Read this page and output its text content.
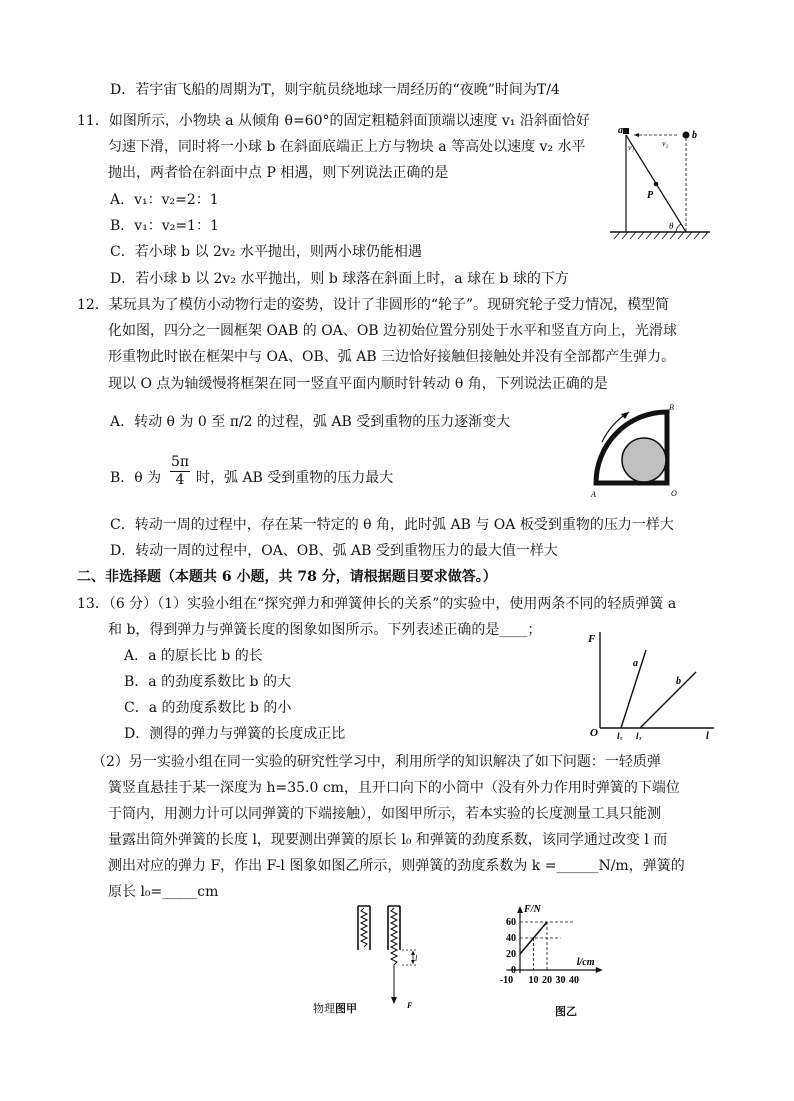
D．若宇宙飞船的周期为T，则宇航员绕地球一周经历的“夜晚”时间为T/4
11．如图所示，小物块 a 从倾角 θ=60°的固定粗糙斜面顶端以速度 v₁ 沿斜面恰好
匀速下滑，同时将一小球 b 在斜面底端正上方与物块 a 等高处以速度 v₂ 水平
抛出，两者恰在斜面中点 P 相遇，则下列说法正确的是
A．v₁：v₂=2：1
B．v₁：v₂=1：1
C．若小球 b 以 2v₂ 水平抛出，则两小球仍能相遇
D．若小球 b 以 2v₂ 水平抛出，则 b 球落在斜面上时，a 球在 b 球的下方
12．某玩具为了模仿小动物行走的姿势，设计了非圆形的“轮子”。现研究轮子受力情况，模型简
化如图，四分之一圆框架 OAB 的 OA、OB 边初始位置分别处于水平和竖直方向上，光滑球
形重物此时嵌在框架中与 OA、OB、弧 AB 三边恰好接触但接触处并没有全部都产生弹力。
现以 O 点为轴缓慢将框架在同一竖直平面内顺时针转动 θ 角，下列说法正确的是
A．转动 θ 为 0 至 π/2 的过程，弧 AB 受到重物的压力逐渐变大
B．θ 为 $\frac{5\pi}{4}$ 时，弧 AB 受到重物的压力最大
C．转动一周的过程中，存在某一特定的 θ 角，此时弧 AB 与 OA 板受到重物的压力一样大
D．转动一周的过程中，OA、OB、弧 AB 受到重物压力的最大值一样大
二、非选择题（本题共 6 小题，共 78 分，请根据题目要求做答。）
13．（6 分）（1）实验小组在“探究弹力和弹簧伸长的关系”的实验中，使用两条不同的轻质弹簧 a
和 b，得到弹力与弹簧长度的图象如图所示。下列表述正确的是____；
A．a 的原长比 b 的长
B．a 的劲度系数比 b 的大
C．a 的劲度系数比 b 的小
D．测得的弹力与弹簧的长度成正比
（2）另一实验小组在同一实验的研究性学习中，利用所学的知识解决了如下问题：一轻质弹
簧竖直悬挂于某一深度为 h=35.0 cm，且开口向下的小筒中（没有外力作用时弹簧的下端位
于筒内，用测力计可以同弹簧的下端接触），如图甲所示，若本实验的长度测量工具只能测
量露出筒外弹簧的长度 l，现要测出弹簧的原长 l₀ 和弹簧的劲度系数，该同学通过改变 l 而
测出对应的弹力 F，作出 F-l 图象如图乙所示，则弹簧的劲度系数为 k =______N/m，弹簧的
原长 l₀=_____cm
a	b
v₁	v₂
P
θ
B
A	O
F
O
a
b
l₁ l₂	l
l
F
物理图甲
-10 10 20 30 40
0
20
40
60
F/N
l/cm
图乙
